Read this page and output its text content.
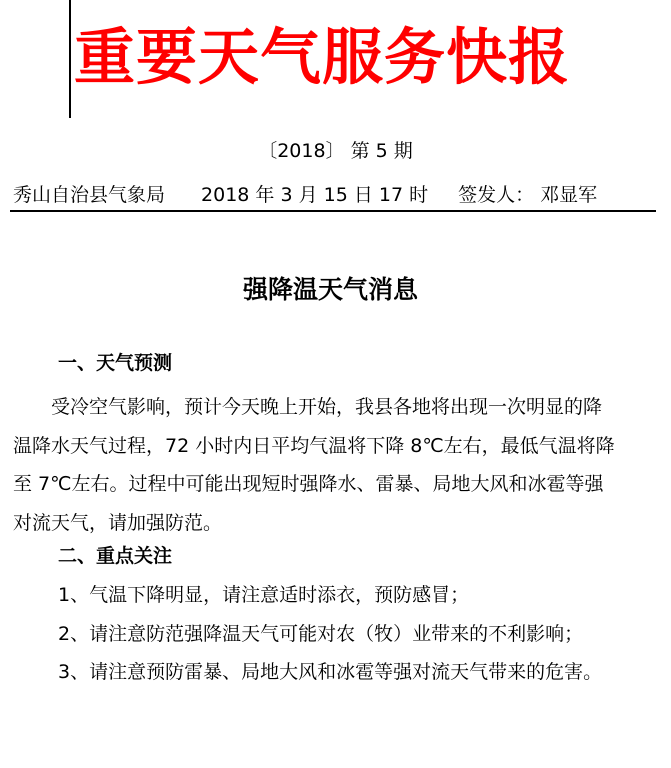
重要天气服务快报
〔2018〕 第 5 期
秀山自治县气象局 2018 年 3 月 15 日 17 时 签发人： 邓显军
强降温天气消息
一、天气预测
　　受冷空气影响，预计今天晚上开始，我县各地将出现一次明显的降
温降水天气过程，72 小时内日平均气温将下降 8℃左右，最低气温将降
至 7℃左右。过程中可能出现短时强降水、雷暴、局地大风和冰雹等强
对流天气，请加强防范。
二、重点关注
1、气温下降明显，请注意适时添衣，预防感冒；
2、请注意防范强降温天气可能对农（牧）业带来的不利影响；
3、请注意预防雷暴、局地大风和冰雹等强对流天气带来的危害。
